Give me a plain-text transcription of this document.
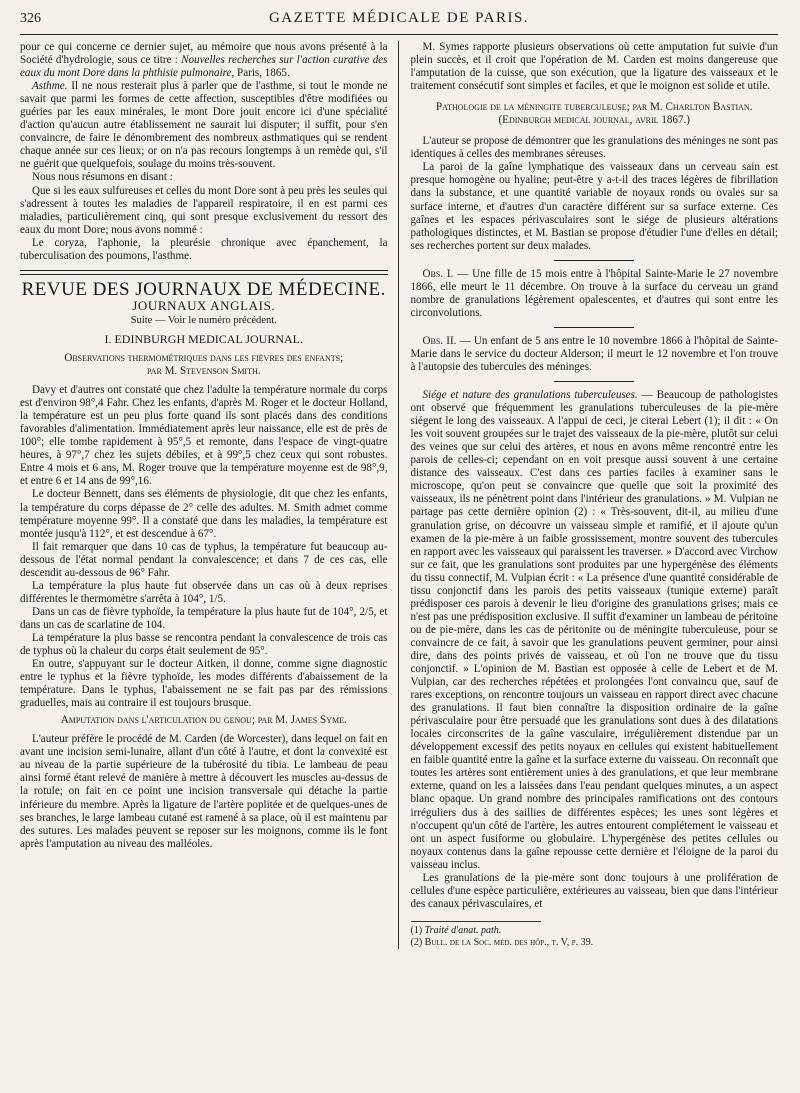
326	GAZETTE MÉDICALE DE PARIS.

pour ce qui concerne ce dernier sujet, au mémoire que nous avons présenté à la Société d'hydrologie, sous ce titre : Nouvelles recherches sur l'action curative des eaux du mont Dore dans la phthisie pulmonaire, Paris, 1865.

Asthme. Il ne nous resterait plus à parler que de l'asthme, si tout le monde ne savait que parmi les formes de cette affection, susceptibles d'être modifiées ou guéries par les eaux minérales, le mont Dore jouit encore ici d'une spécialité d'action qu'aucun autre établissement ne saurait lui disputer; il suffit, pour s'en convaincre, de faire le dénombrement des nombreux asthmatiques qui se rendent chaque année sur ces lieux; or on n'a pas recours longtemps à un remède qui, s'il ne guérit que quelquefois, soulage du moins très-souvent.

Nous nous résumons en disant :

Que si les eaux sulfureuses et celles du mont Dore sont à peu près les seules qui s'adressent à toutes les maladies de l'appareil respiratoire, il en est parmi ces maladies, particulièrement cinq, qui sont presque exclusivement du ressort des eaux du mont Dore; nous avons nommé :

Le coryza, l'aphonie, la pleurésie chronique avec épanchement, la tuberculisation des poumons, l'asthme.

REVUE DES JOURNAUX DE MÉDECINE.

JOURNAUX ANGLAIS.

Suite — Voir le numéro précédent.

I. EDINBURGH MEDICAL JOURNAL.

Observations thermométriques dans les fièvres des enfants;
par M. Stevenson Smith.

Davy et d'autres ont constaté que chez l'adulte la température normale du corps est d'environ 98°,4 Fahr. Chez les enfants, d'après M. Roger et le docteur Holland, la température est un peu plus forte quand ils sont placés dans des conditions favorables d'alimentation. Immédiatement après leur naissance, elle est de près de 100°; elle tombe rapidement à 95°,5 et remonte, dans l'espace de vingt-quatre heures, à 97°,7 chez les sujets débiles, et à 99°,5 chez ceux qui sont robustes. Entre 4 mois et 6 ans, M. Roger trouve que la température moyenne est de 98°,9, et entre 6 et 14 ans de 99°,16.

Le docteur Bennett, dans ses éléments de physiologie, dit que chez les enfants, la température du corps dépasse de 2° celle des adultes. M. Smith admet comme température moyenne 99°. Il a constaté que dans les maladies, la température est montée jusqu'à 112°, et est descendue à 67°.

Il fait remarquer que dans 10 cas de typhus, la température fut beaucoup au-dessous de l'état normal pendant la convalescence; et dans 7 de ces cas, elle descendit au-dessous de 96° Fahr.

La température la plus haute fut observée dans un cas où à deux reprises différentes le thermomètre s'arrêta à 104°, 1/5.

Dans un cas de fièvre typhoïde, la température la plus haute fut de 104°, 2/5, et dans un cas de scarlatine de 104.

La température la plus basse se rencontra pendant la convalescence de trois cas de typhus où la chaleur du corps était seulement de 95°.

En outre, s'appuyant sur le docteur Aitken, il donne, comme signe diagnostic entre le typhus et la fièvre typhoïde, les modes différents d'abaissement de la température. Dans le typhus, l'abaissement ne se fait pas par des rémissions graduelles, mais au contraire il est toujours brusque.

Amputation dans l'articulation du genou; par M. James Syme.

L'auteur préfère le procédé de M. Carden (de Worcester), dans lequel on fait en avant une incision semi-lunaire, allant d'un côté à l'autre, et dont la convexité est au niveau de la partie supérieure de la tubérosité du tibia. Le lambeau de peau ainsi formé étant relevé de manière à mettre à découvert les muscles au-dessus de la rotule; on fait en ce point une incision transversale qui détache la partie inférieure du membre. Après la ligature de l'artère poplitée et de quelques-unes de ses branches, le large lambeau cutané est ramené à sa place, où il est maintenu par des sutures. Les malades peuvent se reposer sur les moignons, comme ils le font après l'amputation au niveau des malléoles.

M. Symes rapporte plusieurs observations où cette amputation fut suivie d'un plein succès, et il croit que l'opération de M. Carden est moins dangereuse que l'amputation de la cuisse, que son exécution, que la ligature des vaisseaux et le traitement consécutif sont simples et faciles, et que le moignon est solide et utile.

Pathologie de la méningite tuberculeuse; par M. Charlton Bastian. (Edinburgh medical journal, avril 1867.)

L'auteur se propose de démontrer que les granulations des méninges ne sont pas identiques à celles des membranes séreuses.

La paroi de la gaîne lymphatique des vaisseaux dans un cerveau sain est presque homogène ou hyaline; peut-être y a-t-il des traces légères de fibrillation dans la substance, et une quantité variable de noyaux ronds ou ovales sur sa surface interne, et d'autres d'un caractère différent sur sa surface externe. Ces gaînes et les espaces périvasculaires sont le siége de plusieurs altérations pathologiques distinctes, et M. Bastian se propose d'étudier l'une d'elles en détail; ses recherches portent sur deux malades.

Obs. I. — Une fille de 15 mois entre à l'hôpital Sainte-Marie le 27 novembre 1866, elle meurt le 11 décembre. On trouve à la surface du cerveau un grand nombre de granulations légèrement opalescentes, et d'autres qui sont entre les circonvolutions.

Obs. II. — Un enfant de 5 ans entre le 10 novembre 1866 à l'hôpital de Sainte-Marie dans le service du docteur Alderson; il meurt le 12 novembre et l'on trouve à l'autopsie des tubercules des méninges.

Siége et nature des granulations tuberculeuses. — Beaucoup de pathologistes ont observé que fréquemment les granulations tuberculeuses de la pie-mère siégent le long des vaisseaux. A l'appui de ceci, je citerai Lebert (1); il dit : « On les voit souvent groupées sur le trajet des vaisseaux de la pie-mère, plutôt sur celui des veines que sur celui des artères, et nous en avons même rencontré entre les parois de celles-ci; cependant on en voit presque aussi souvent à une certaine distance des vaisseaux. C'est dans ces parties faciles à examiner sans le microscope, qu'on peut se convaincre que quelle que soit la proximité des vaisseaux, ils ne pénètrent point dans l'intérieur des granulations. » M. Vulpian ne partage pas cette dernière opinion (2) : « Très-souvent, dit-il, au milieu d'une granulation grise, on découvre un vaisseau simple et ramifié, et il ajoute qu'un examen de la pie-mère à un faible grossissement, montre souvent des tubercules en rapport avec les vaisseaux qui paraissent les traverser. » D'accord avec Virchow sur ce fait, que les granulations sont produites par une hypergénèse des éléments du tissu connectif, M. Vulpian écrit : « La présence d'une quantité considérable de tissu conjonctif dans les parois des petits vaisseaux (tunique externe) paraît prédisposer ces parois à devenir le lieu d'origine des granulations grises; mais ce n'est pas une prédisposition exclusive. Il suffit d'examiner un lambeau de péritoine ou de pie-mère, dans les cas de péritonite ou de méningite tuberculeuse, pour se convaincre de ce fait, à savoir que les granulations peuvent germiner, pour ainsi dire, dans des points privés de vaisseau, et où l'on ne trouve que du tissu conjonctif. » L'opinion de M. Bastian est opposée à celle de Lebert et de M. Vulpian, car des recherches répétées et prolongées l'ont convaincu que, sauf de rares exceptions, on rencontre toujours un vaisseau en rapport direct avec chacune des granulations. Il faut bien connaître la disposition ordinaire de la gaîne périvasculaire pour être persuadé que les granulations sont dues à des dilatations locales circonscrites de la gaîne vasculaire, irrégulièrement distendue par un développement excessif des petits noyaux en cellules qui existent habituellement en faible quantité entre la gaîne et la surface externe du vaisseau. On reconnaît que toutes les artères sont entièrement unies à des granulations, et que leur membrane externe, quand on les a laissées dans l'eau pendant quelques minutes, a un aspect blanc opaque. Un grand nombre des principales ramifications ont des contours irréguliers dus à des saillies de différentes espèces; les unes sont légères et n'occupent qu'un côté de l'artère, les autres entourent complétement le vaisseau et ont un aspect fusiforme ou globulaire. L'hypergénèse des petites cellules ou noyaux contenus dans la gaîne repousse cette dernière et l'éloigne de la paroi du vaisseau inclus.

Les granulations de la pie-mère sont donc toujours à une prolifération de cellules d'une espèce particulière, extérieures au vaisseau, bien que dans l'intérieur des canaux périvasculaires, et

(1) Traité d'anat. path.

(2) Bull. de la Soc. méd. des hôp., t. V, p. 39.
